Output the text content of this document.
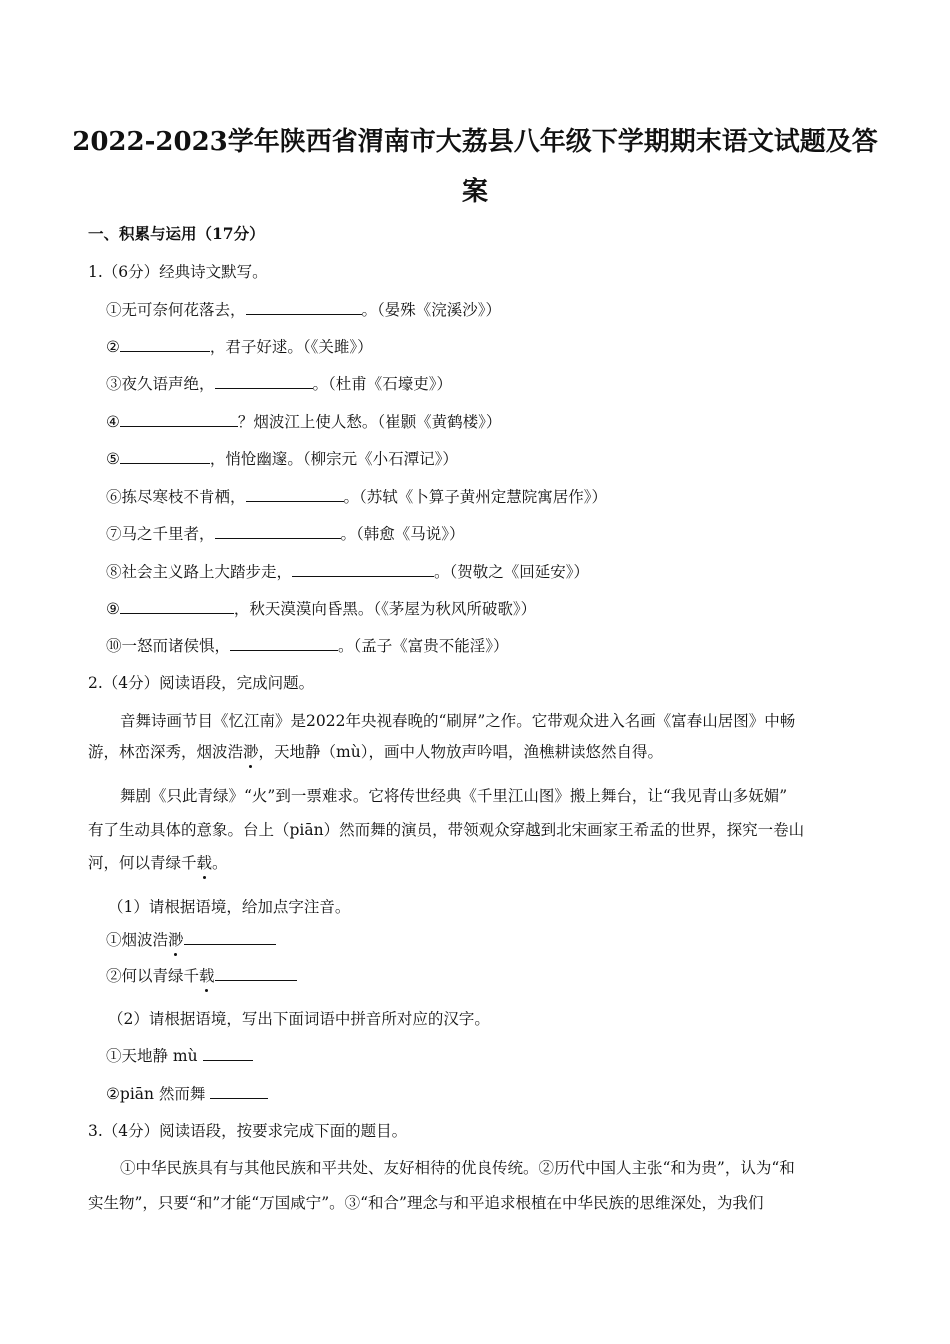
2022-2023学年陕西省渭南市大荔县八年级下学期期末语文试题及答
案
一、积累与运用（17分）
1.（6分）经典诗文默写。
①无可奈何花落去，	。（晏殊《浣溪沙》）
②	，君子好逑。（《关雎》）
③夜久语声绝，	。（杜甫《石壕吏》）
④	？烟波江上使人愁。（崔颢《黄鹤楼》）
⑤	，悄怆幽邃。（柳宗元《小石潭记》）
⑥拣尽寒枝不肯栖，	。（苏轼《卜算子黄州定慧院寓居作》）
⑦马之千里者，	。（韩愈《马说》）
⑧社会主义路上大踏步走，	。（贺敬之《回延安》）
⑨	，秋天漠漠向昏黑。（《茅屋为秋风所破歌》）
⑩一怒而诸侯惧，	。（孟子《富贵不能淫》）
2.（4分）阅读语段，完成问题。
音舞诗画节目《忆江南》是2022年央视春晚的“刷屏”之作。它带观众进入名画《富春山居图》中畅
游，林峦深秀，烟波浩渺，天地静（mù），画中人物放声吟唱，渔樵耕读悠然自得。
舞剧《只此青绿》“火”到一票难求。它将传世经典《千里江山图》搬上舞台，让“我见青山多妩媚”
有了生动具体的意象。台上（piān）然而舞的演员，带领观众穿越到北宋画家王希孟的世界，探究一卷山
河，何以青绿千载。
（1）请根据语境，给加点字注音。
①烟波浩渺
②何以青绿千载
（2）请根据语境，写出下面词语中拼音所对应的汉字。
①天地静 mù
②piān 然而舞
3.（4分）阅读语段，按要求完成下面的题目。
①中华民族具有与其他民族和平共处、友好相待的优良传统。②历代中国人主张“和为贵”，认为“和
实生物”，只要“和”才能“万国咸宁”。③“和合”理念与和平追求根植在中华民族的思维深处，为我们
